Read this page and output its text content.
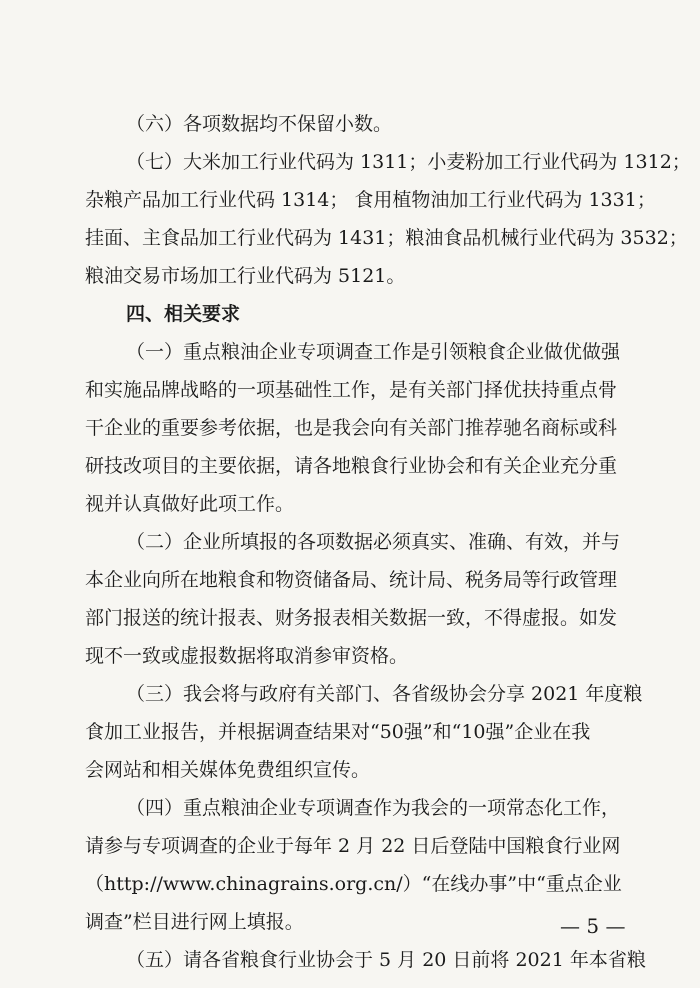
（六）各项数据均不保留小数。
（七）大米加工行业代码为 1311；小麦粉加工行业代码为 1312；
杂粮产品加工行业代码 1314； 食用植物油加工行业代码为 1331；
挂面、主食品加工行业代码为 1431；粮油食品机械行业代码为 3532；
粮油交易市场加工行业代码为 5121。
四、相关要求
（一）重点粮油企业专项调查工作是引领粮食企业做优做强
和实施品牌战略的一项基础性工作，是有关部门择优扶持重点骨
干企业的重要参考依据，也是我会向有关部门推荐驰名商标或科
研技改项目的主要依据，请各地粮食行业协会和有关企业充分重
视并认真做好此项工作。
（二）企业所填报的各项数据必须真实、准确、有效，并与
本企业向所在地粮食和物资储备局、统计局、税务局等行政管理
部门报送的统计报表、财务报表相关数据一致，不得虚报。如发
现不一致或虚报数据将取消参审资格。
（三）我会将与政府有关部门、各省级协会分享 2021 年度粮
食加工业报告，并根据调查结果对“50强”和“10强”企业在我
会网站和相关媒体免费组织宣传。
（四）重点粮油企业专项调查作为我会的一项常态化工作，
请参与专项调查的企业于每年 2 月 22 日后登陆中国粮食行业网
（http://www.chinagrains.org.cn/）“在线办事”中“重点企业
调查”栏目进行网上填报。
（五）请各省粮食行业协会于 5 月 20 日前将 2021 年本省粮
— 5 —
